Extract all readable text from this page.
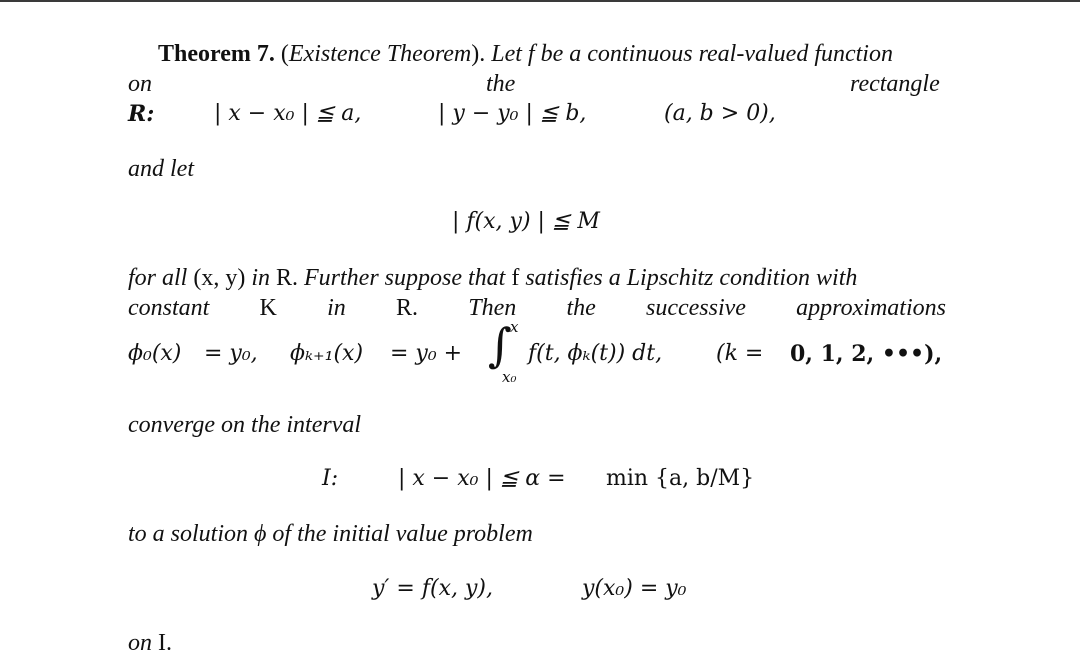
Theorem 7. (Existence Theorem). Let f be a continuous real-valued function
on	the	rectangle
R:	| x − x₀ | ≦ a,	| y − y₀ | ≦ b,	(a, b > 0),
and let
| f(x, y) | ≦ M
for all (x, y) in R. Further suppose that f satisfies a Lipschitz condition with
constant K in R. Then the successive approximations
ϕ₀(x) = y₀, ϕₖ₊₁(x) = y₀ + ∫
x
x₀
f(t, ϕₖ(t)) dt, (k = 0, 1, 2, •••),
converge on the interval
I:	| x − x₀ | ≦ α = min {a, b/M}
to a solution ϕ of the initial value problem
y′ = f(x, y),	y(x₀) = y₀
on I.
